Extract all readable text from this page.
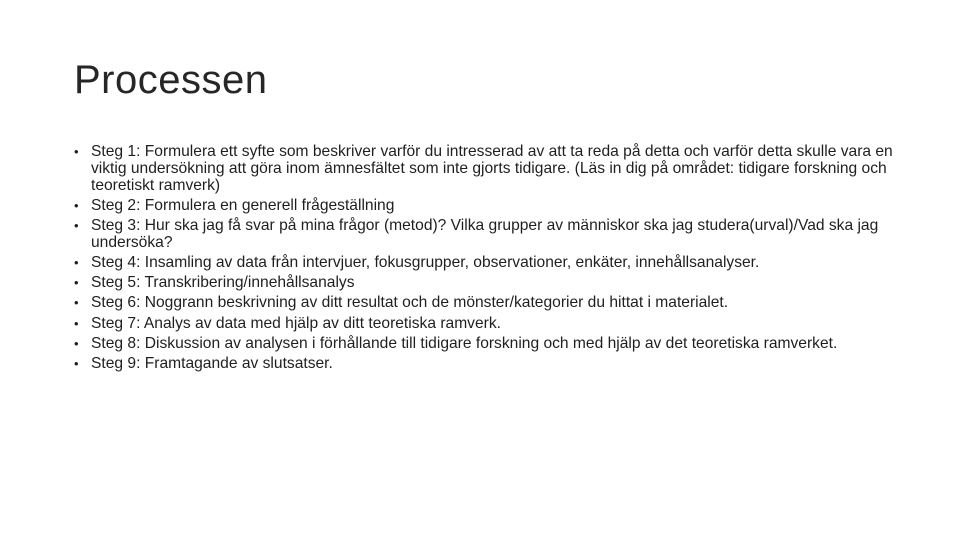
Processen
• Steg 1: Formulera ett syfte som beskriver varför du intresserad av att ta reda på detta och varför detta skulle vara en viktig undersökning att göra inom ämnesfältet som inte gjorts tidigare. (Läs in dig på området: tidigare forskning och teoretiskt ramverk)
• Steg 2: Formulera en generell frågeställning
• Steg 3: Hur ska jag få svar på mina frågor (metod)? Vilka grupper av människor ska jag studera(urval)/Vad ska jag undersöka?
• Steg 4: Insamling av data från intervjuer, fokusgrupper, observationer, enkäter, innehållsanalyser.
• Steg 5: Transkribering/innehållsanalys
• Steg 6: Noggrann beskrivning av ditt resultat och de mönster/kategorier du hittat i materialet.
• Steg 7: Analys av data med hjälp av ditt teoretiska ramverk.
• Steg 8: Diskussion av analysen i förhållande till tidigare forskning och med hjälp av det teoretiska ramverket.
• Steg 9: Framtagande av slutsatser.
